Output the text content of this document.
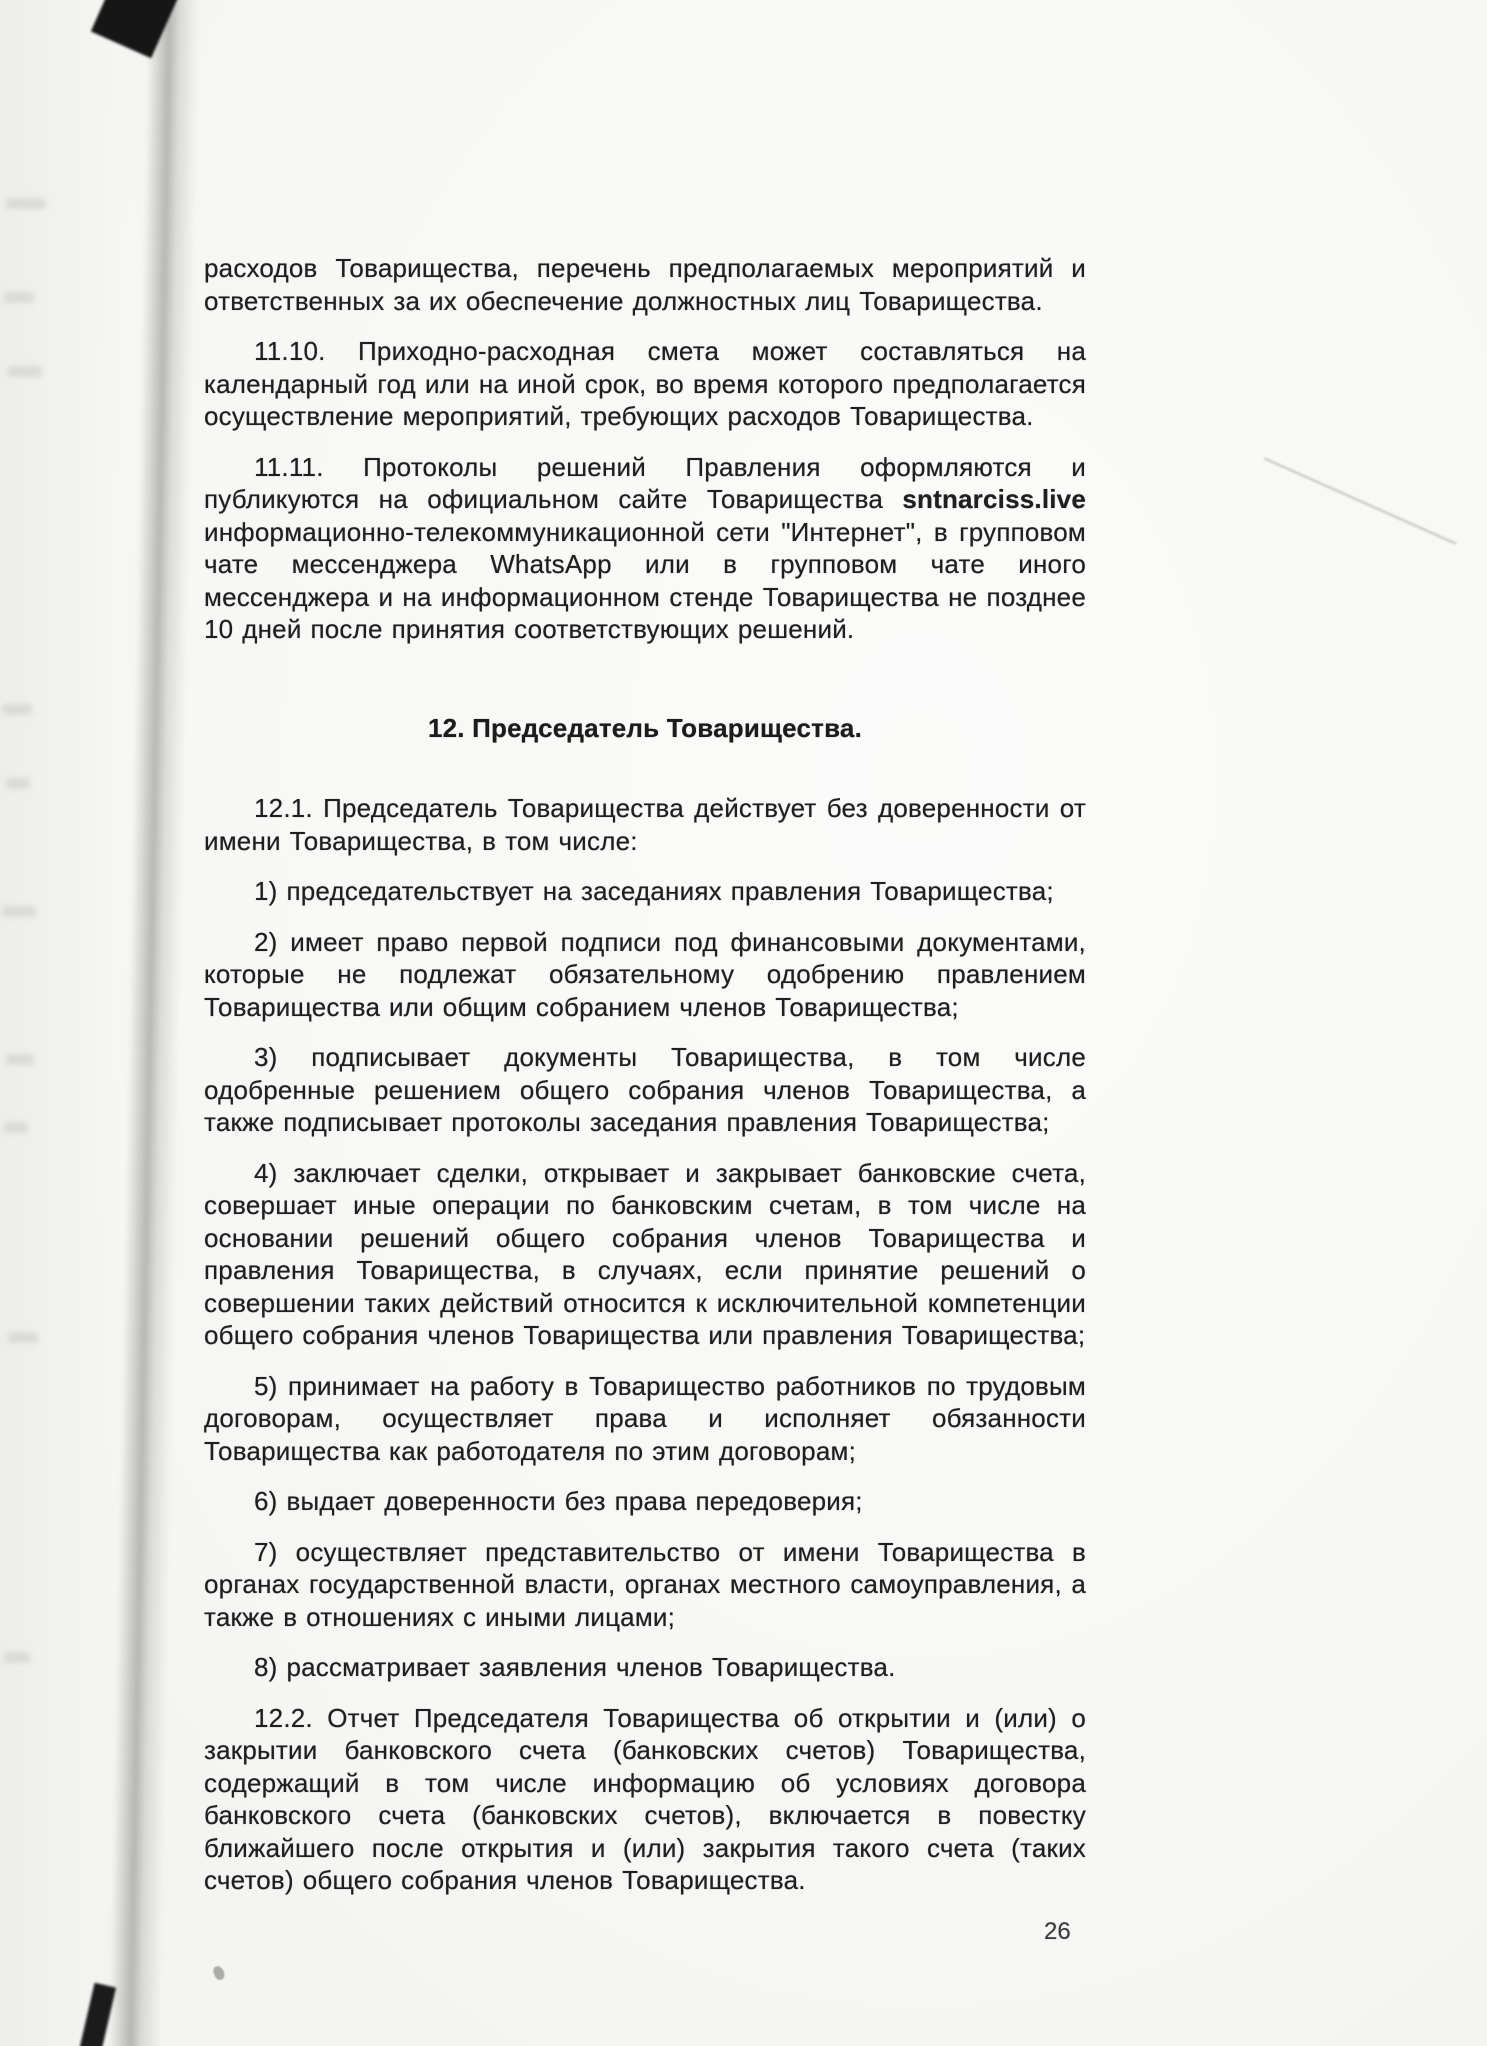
расходов Товарищества, перечень предполагаемых мероприятий и ответственных за их обеспечение должностных лиц Товарищества.

11.10. Приходно-расходная смета может составляться на календарный год или на иной срок, во время которого предполагается осуществление мероприятий, требующих расходов Товарищества.

11.11. Протоколы решений Правления оформляются и публикуются на официальном сайте Товарищества sntnarciss.live информационно-телекоммуникационной сети "Интернет", в групповом чате мессенджера WhatsApp или в групповом чате иного мессенджера и на информационном стенде Товарищества не позднее 10 дней после принятия соответствующих решений.

12. Председатель Товарищества.

12.1. Председатель Товарищества действует без доверенности от имени Товарищества, в том числе:

1) председательствует на заседаниях правления Товарищества;

2) имеет право первой подписи под финансовыми документами, которые не подлежат обязательному одобрению правлением Товарищества или общим собранием членов Товарищества;

3) подписывает документы Товарищества, в том числе одобренные решением общего собрания членов Товарищества, а также подписывает протоколы заседания правления Товарищества;

4) заключает сделки, открывает и закрывает банковские счета, совершает иные операции по банковским счетам, в том числе на основании решений общего собрания членов Товарищества и правления Товарищества, в случаях, если принятие решений о совершении таких действий относится к исключительной компетенции общего собрания членов Товарищества или правления Товарищества;

5) принимает на работу в Товарищество работников по трудовым договорам, осуществляет права и исполняет обязанности Товарищества как работодателя по этим договорам;

6) выдает доверенности без права передоверия;

7) осуществляет представительство от имени Товарищества в органах государственной власти, органах местного самоуправления, а также в отношениях с иными лицами;

8) рассматривает заявления членов Товарищества.

12.2. Отчет Председателя Товарищества об открытии и (или) о закрытии банковского счета (банковских счетов) Товарищества, содержащий в том числе информацию об условиях договора банковского счета (банковских счетов), включается в повестку ближайшего после открытия и (или) закрытия такого счета (таких счетов) общего собрания членов Товарищества.

26
